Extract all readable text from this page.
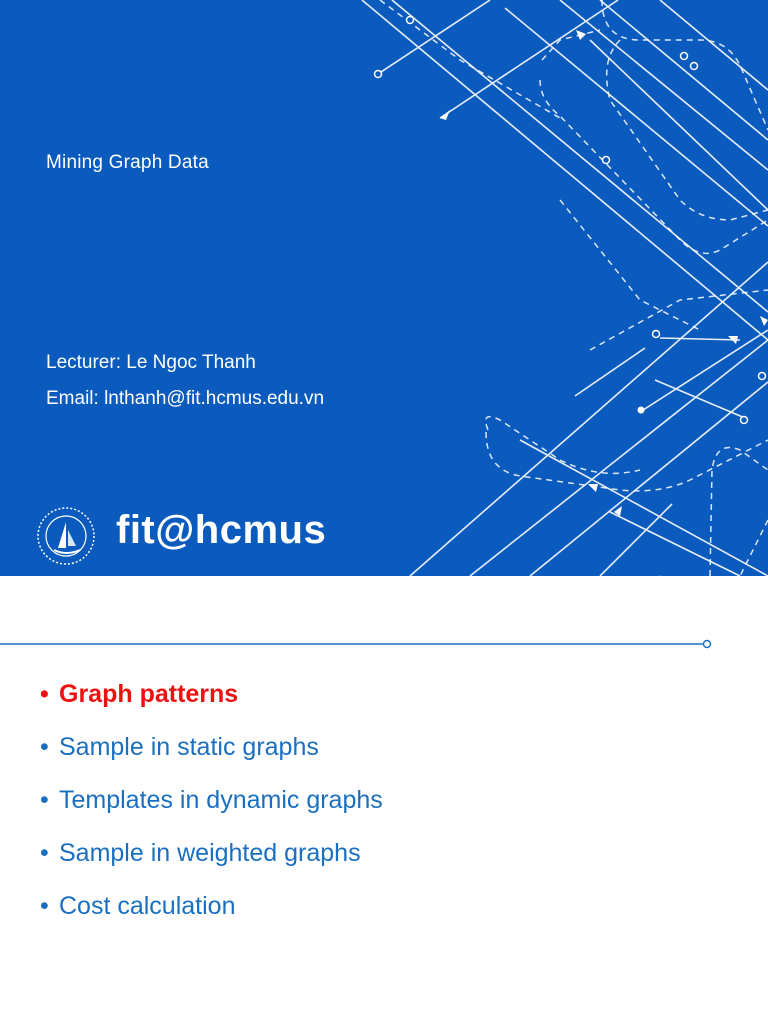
Mining Graph Data
Lecturer: Le Ngoc Thanh
Email: lnthanh@fit.hcmus.edu.vn
fit@hcmus
• Graph patterns
• Sample in static graphs
• Templates in dynamic graphs
• Sample in weighted graphs
• Cost calculation
